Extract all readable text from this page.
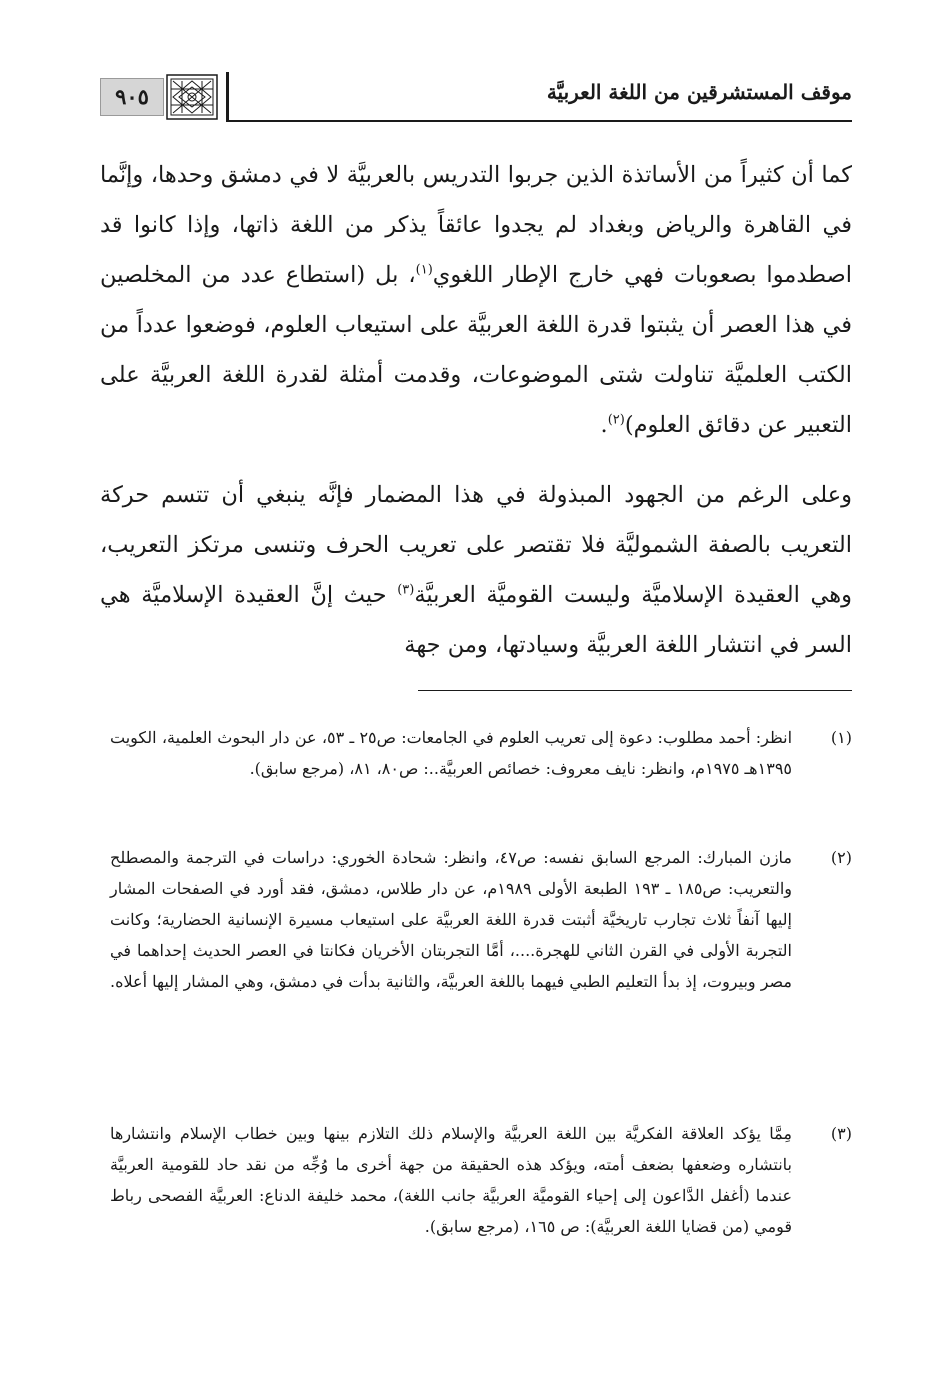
موقف المستشرقين من اللغة العربيَّة
٩٠٥

كما أن كثيراً من الأساتذة الذين جربوا التدريس بالعربيَّة لا في دمشق وحدها، وإنَّما في القاهرة والرياض وبغداد لم يجدوا عائقاً يذكر من اللغة ذاتها، وإذا كانوا قد اصطدموا بصعوبات فهي خارج الإطار اللغوي$^{(١)}$، بل (استطاع عدد من المخلصين في هذا العصر أن يثبتوا قدرة اللغة العربيَّة على استيعاب العلوم، فوضعوا عدداً من الكتب العلميَّة تناولت شتى الموضوعات، وقدمت أمثلة لقدرة اللغة العربيَّة على التعبير عن دقائق العلوم)$^{(٢)}$.

وعلى الرغم من الجهود المبذولة في هذا المضمار فإنَّه ينبغي أن تتسم حركة التعريب بالصفة الشموليَّة فلا تقتصر على تعريب الحرف وتنسى مرتكز التعريب، وهي العقيدة الإسلاميَّة وليست القوميَّة العربيَّة$^{(٣)}$ حيث إنَّ العقيدة الإسلاميَّة هي السر في انتشار اللغة العربيَّة وسيادتها، ومن جهة

(١)
انظر: أحمد مطلوب: دعوة إلى تعريب العلوم في الجامعات: ص٢٥ ـ ٥٣، عن دار البحوث العلمية، الكويت ١٣٩٥هـ ١٩٧٥م، وانظر: نايف معروف: خصائص العربيَّة..: ص٨٠، ٨١، (مرجع سابق).
(٢)
مازن المبارك: المرجع السابق نفسه: ص٤٧، وانظر: شحادة الخوري: دراسات في الترجمة والمصطلح والتعريب: ص١٨٥ ـ ١٩٣ الطبعة الأولى ١٩٨٩م، عن دار طلاس، دمشق، فقد أورد في الصفحات المشار إليها آنفاً ثلاث تجارب تاريخيَّة أثبتت قدرة اللغة العربيَّة على استيعاب مسيرة الإنسانية الحضارية؛ وكانت التجربة الأولى في القرن الثاني للهجرة....، أمَّا التجربتان الأخريان فكانتا في العصر الحديث إحداهما في مصر وبيروت، إذ بدأ التعليم الطبي فيهما باللغة العربيَّة، والثانية بدأت في دمشق، وهي المشار إليها أعلاه.
(٣)
مِمَّا يؤكد العلاقة الفكريَّة بين اللغة العربيَّة والإسلام ذلك التلازم بينها وبين خطاب الإسلام وانتشارها بانتشاره وضعفها بضعف أمته، ويؤكد هذه الحقيقة من جهة أخرى ما وُجِّه من نقد حاد للقومية العربيَّة عندما (أغفل الدَّاعون إلى إحياء القوميَّة العربيَّة جانب اللغة)، محمد خليفة الدناع: العربيَّة الفصحى رباط قومي (من قضايا اللغة العربيَّة): ص ١٦٥، (مرجع سابق).
